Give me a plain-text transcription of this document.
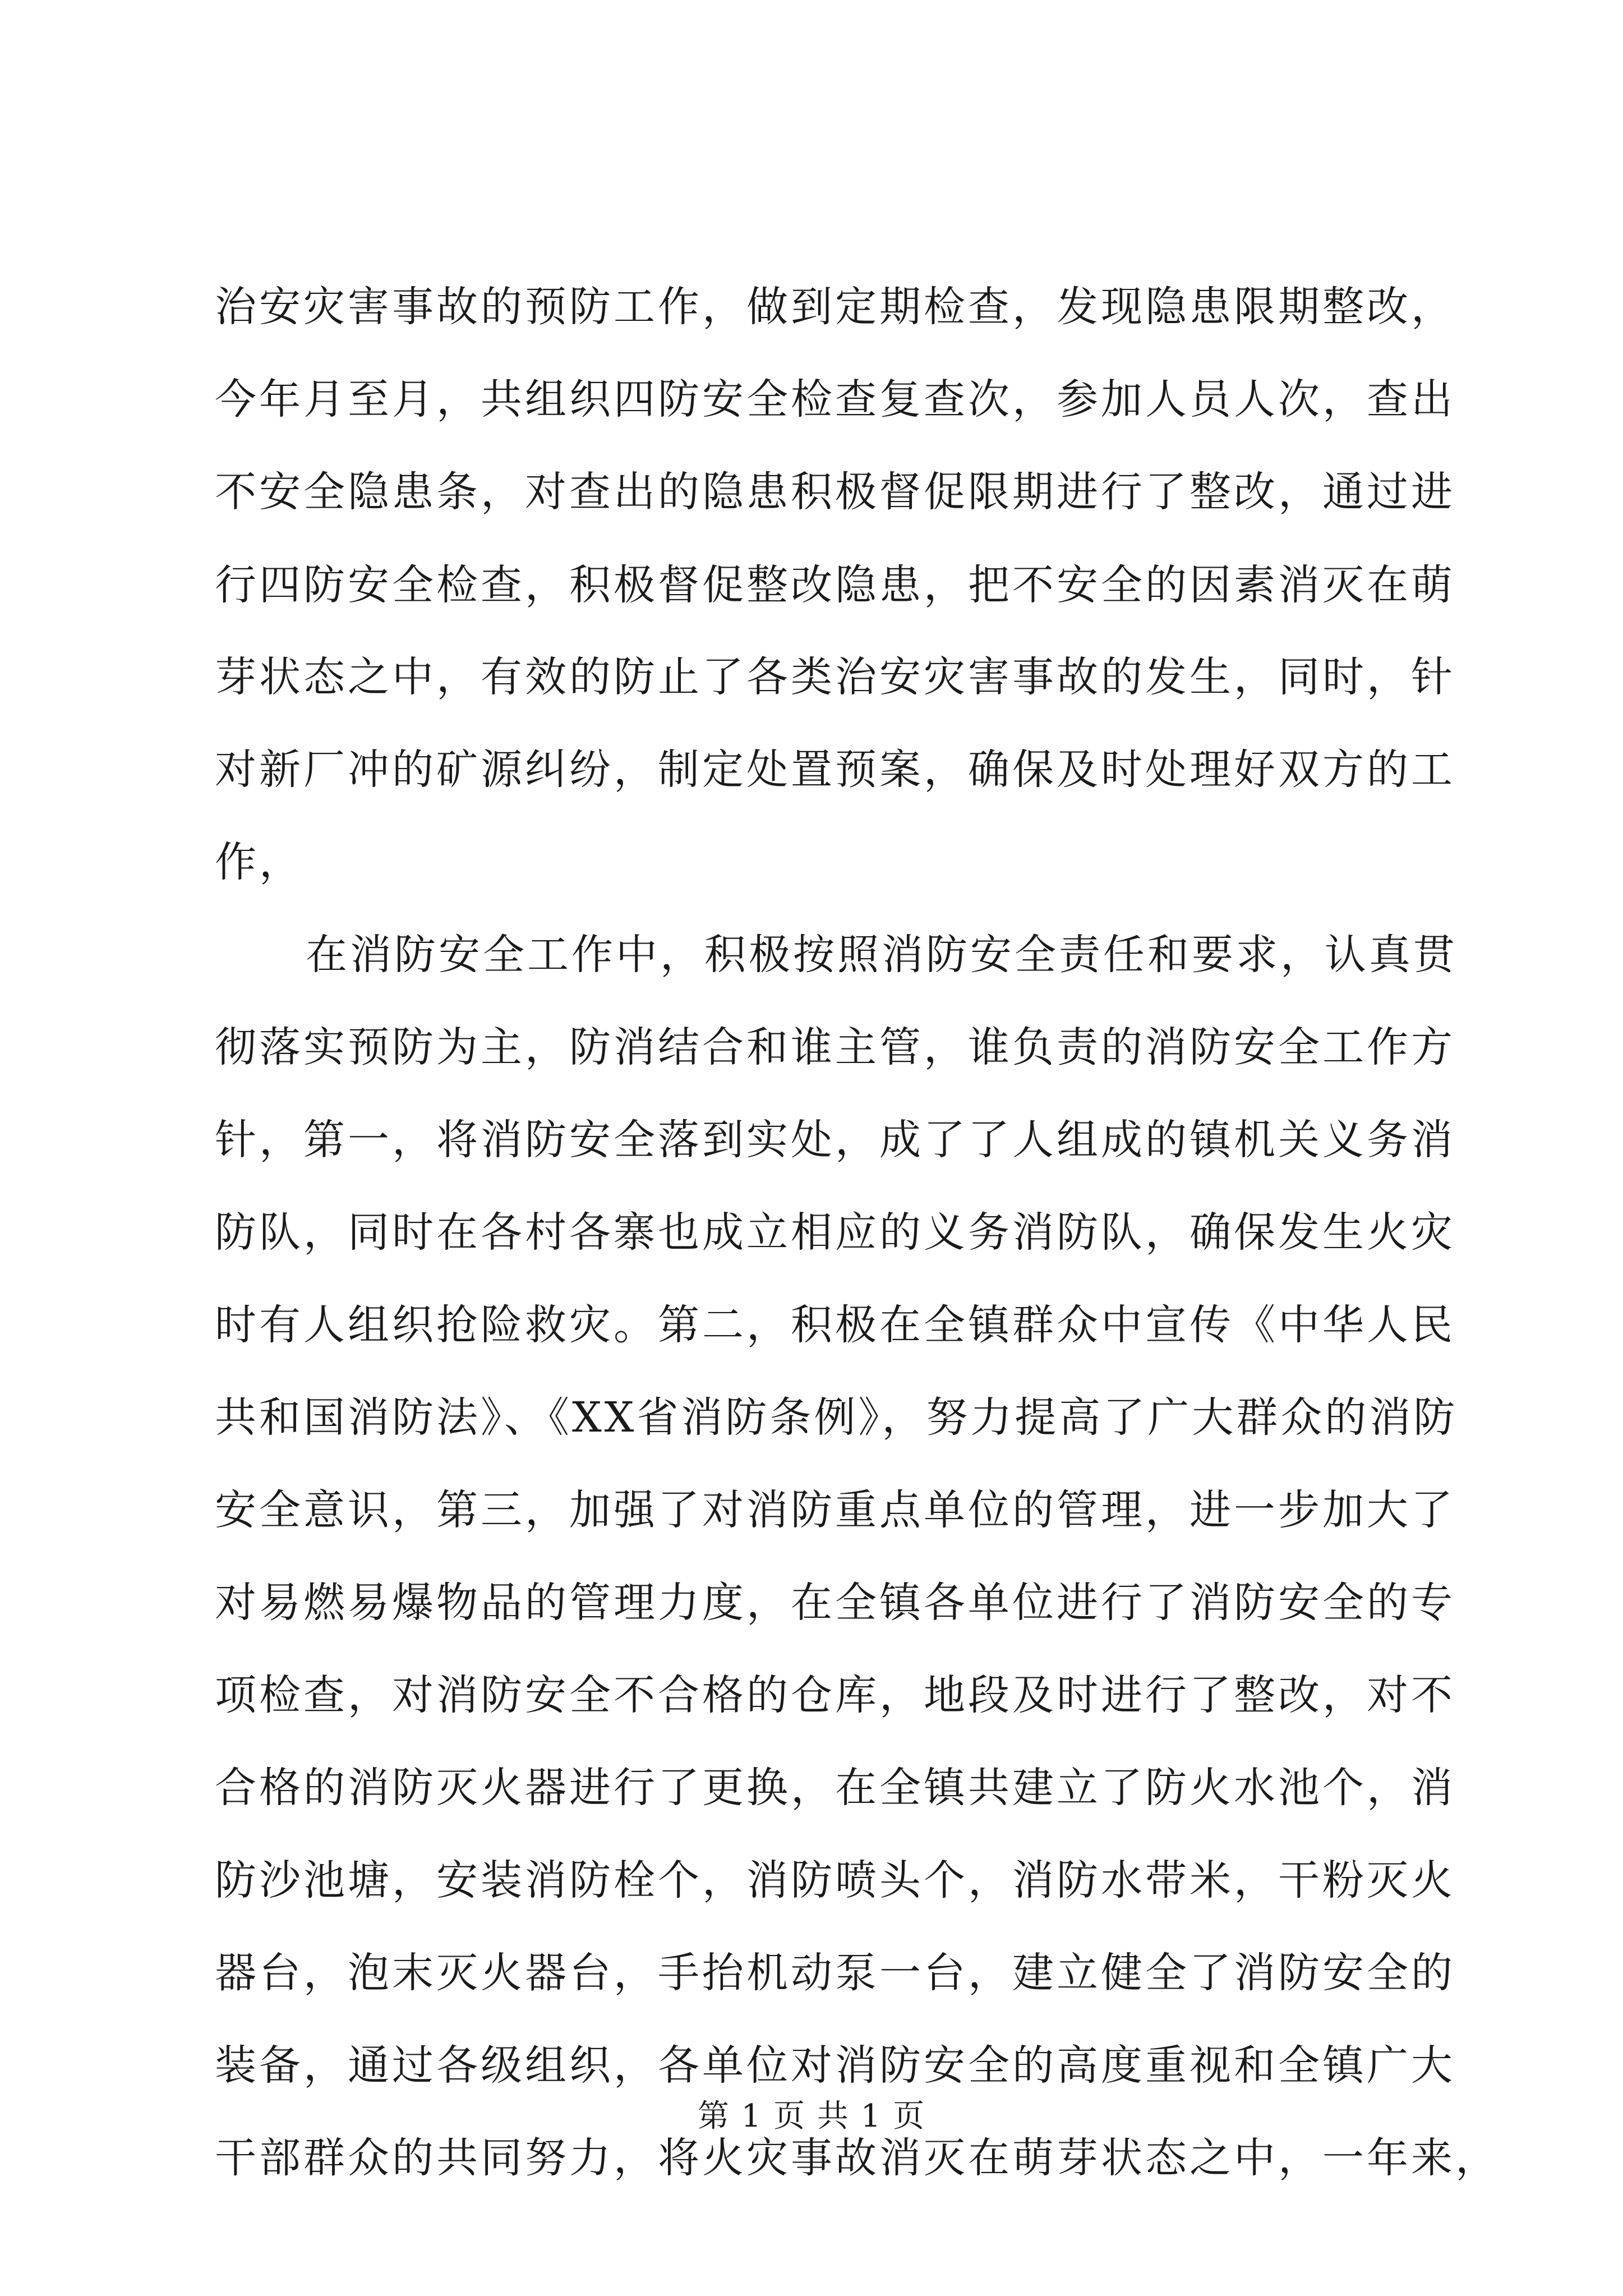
治安灾害事故的预防工作，做到定期检查，发现隐患限期整改，
今年月至月，共组织四防安全检查复查次，参加人员人次，查出
不安全隐患条，对查出的隐患积极督促限期进行了整改，通过进
行四防安全检查，积极督促整改隐患，把不安全的因素消灭在萌
芽状态之中，有效的防止了各类治安灾害事故的发生，同时，针
对新厂冲的矿源纠纷，制定处置预案，确保及时处理好双方的工
作，
在消防安全工作中，积极按照消防安全责任和要求，认真贯
彻落实预防为主，防消结合和谁主管，谁负责的消防安全工作方
针，第一，将消防安全落到实处，成了了人组成的镇机关义务消
防队，同时在各村各寨也成立相应的义务消防队，确保发生火灾
时有人组织抢险救灾。第二，积极在全镇群众中宣传《中华人民
共和国消防法》、《XX省消防条例》，努力提高了广大群众的消防
安全意识，第三，加强了对消防重点单位的管理，进一步加大了
对易燃易爆物品的管理力度，在全镇各单位进行了消防安全的专
项检查，对消防安全不合格的仓库，地段及时进行了整改，对不
合格的消防灭火器进行了更换，在全镇共建立了防火水池个，消
防沙池塘，安装消防栓个，消防喷头个，消防水带米，干粉灭火
器台，泡末灭火器台，手抬机动泵一台，建立健全了消防安全的
装备，通过各级组织，各单位对消防安全的高度重视和全镇广大
干部群众的共同努力，将火灾事故消灭在萌芽状态之中，一年来，
第 1 页 共 1 页
